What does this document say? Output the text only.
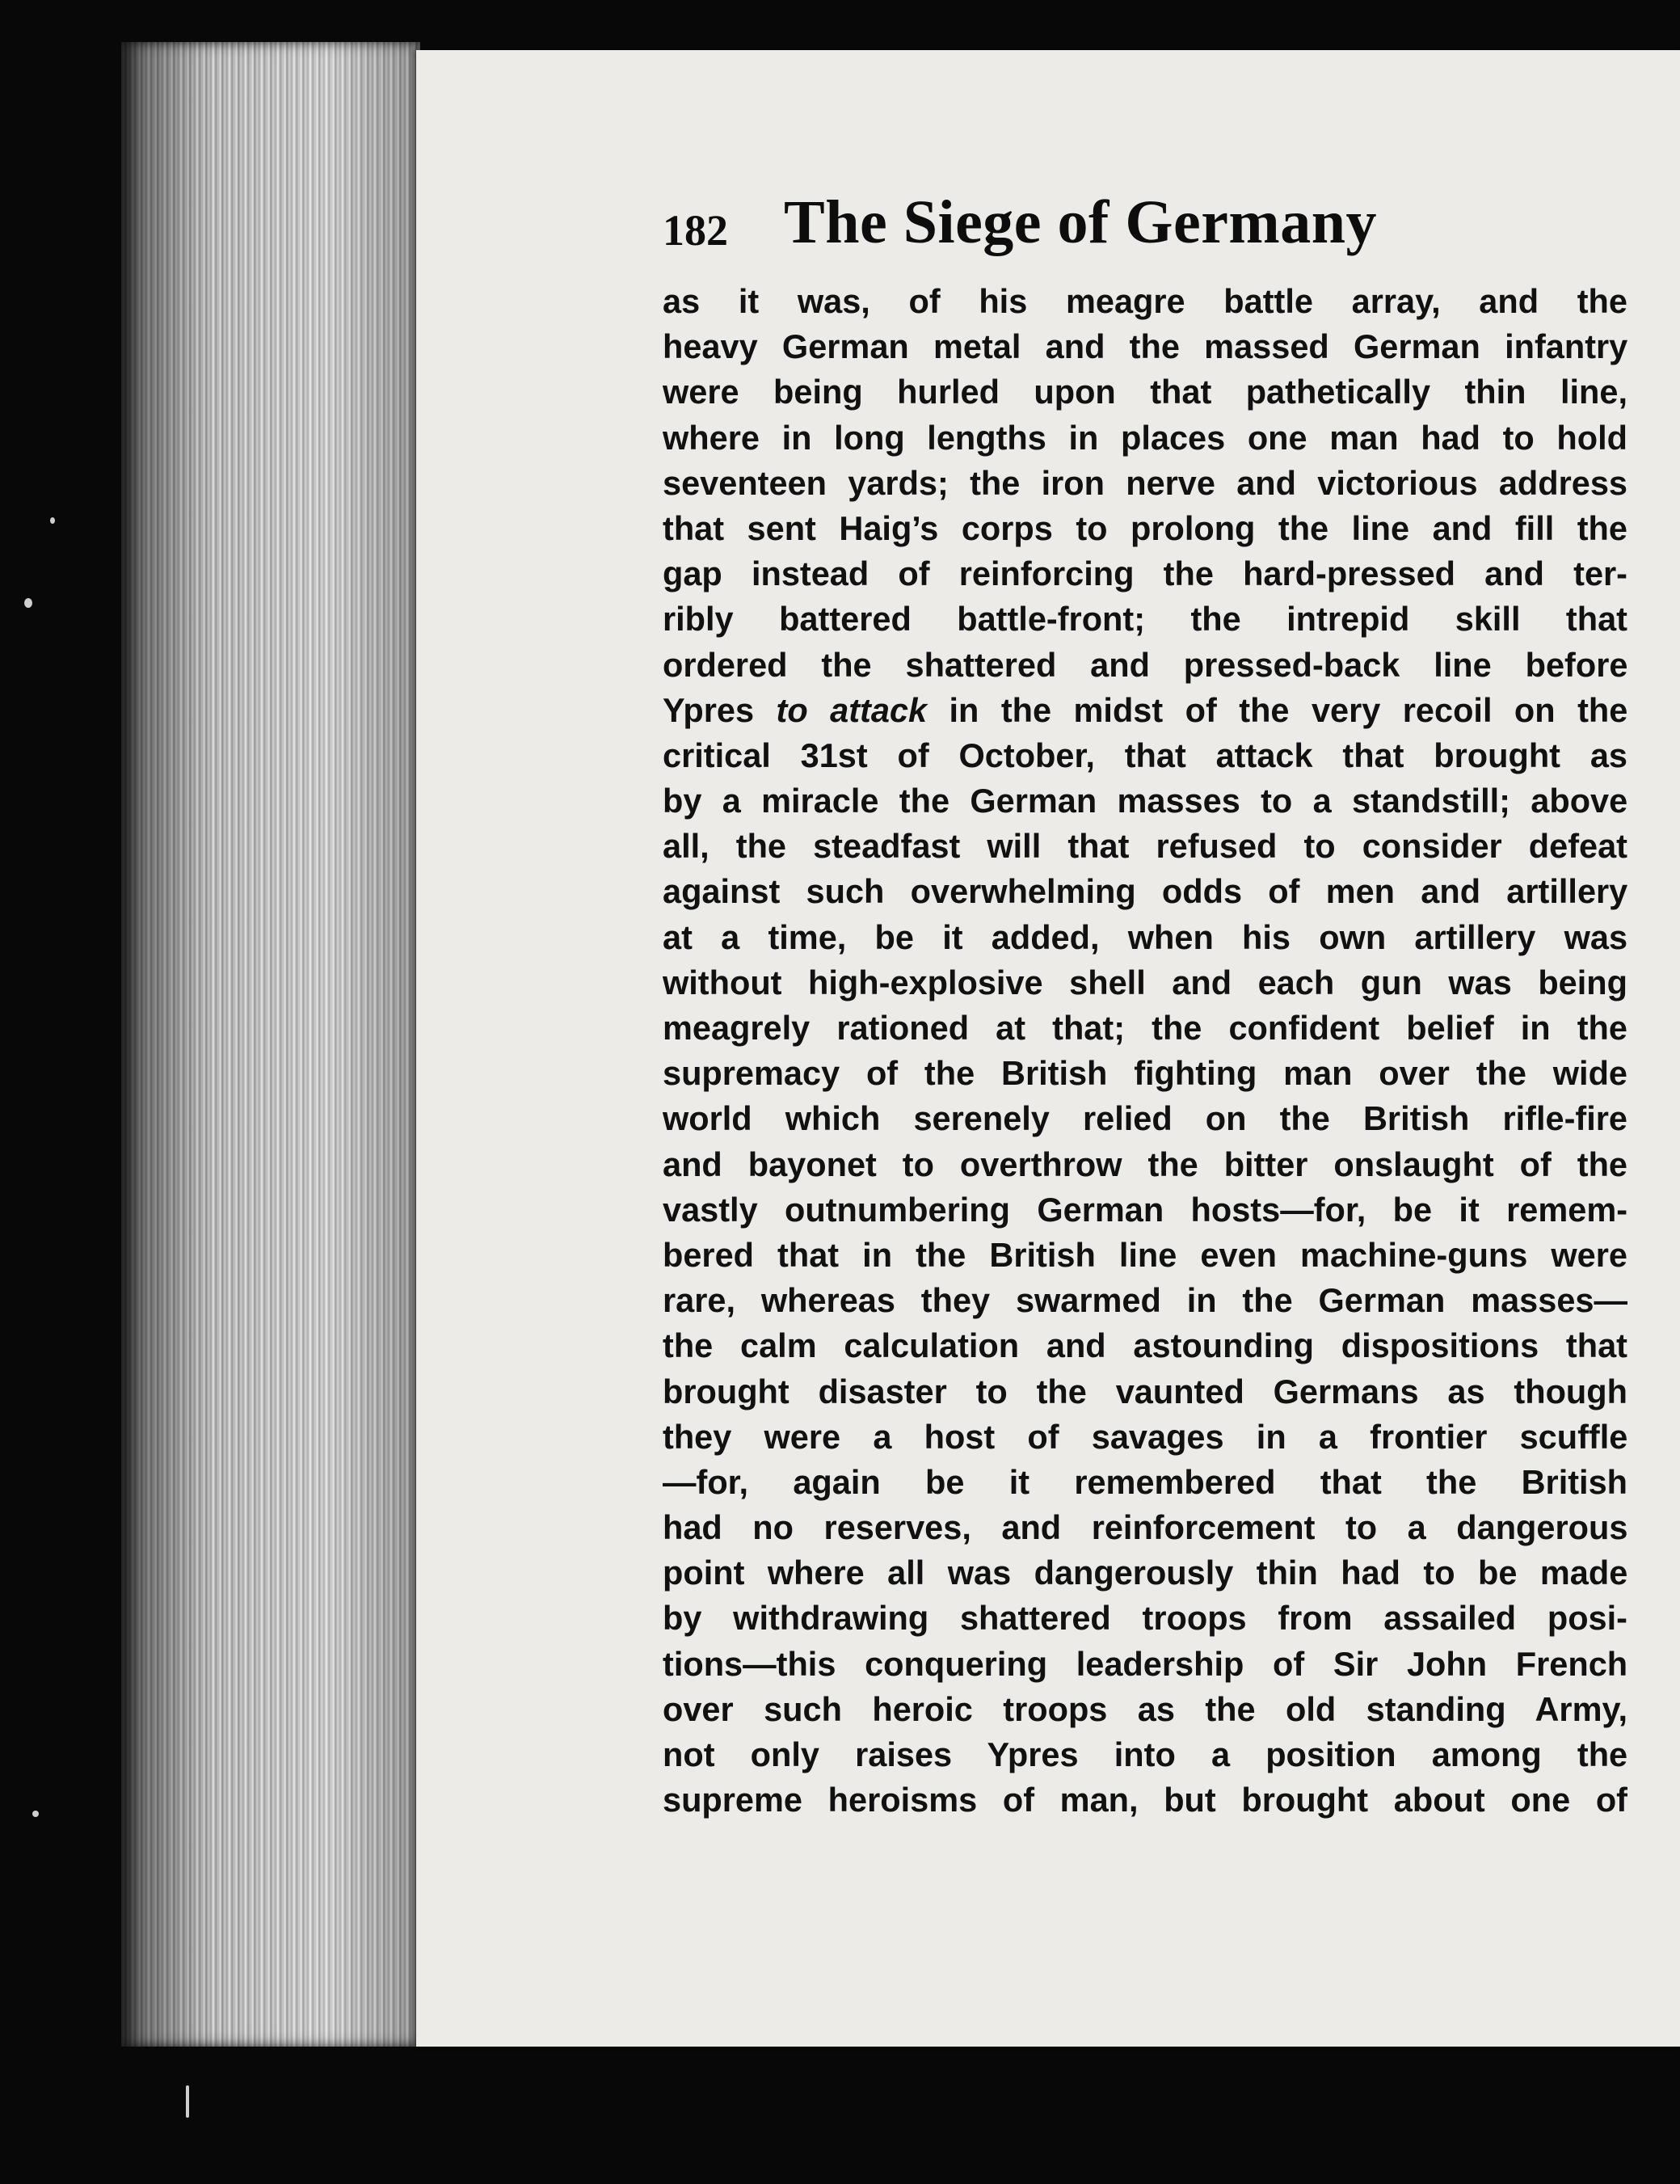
182 The Siege of Germany
as it was, of his meagre battle array, and the
heavy German metal and the massed German infantry
were being hurled upon that pathetically thin line,
where in long lengths in places one man had to hold
seventeen yards; the iron nerve and victorious address
that sent Haig’s corps to prolong the line and fill the
gap instead of reinforcing the hard-pressed and ter-
ribly battered battle-front; the intrepid skill that
ordered the shattered and pressed-back line before
Ypres to attack in the midst of the very recoil on the
critical 31st of October, that attack that brought as
by a miracle the German masses to a standstill; above
all, the steadfast will that refused to consider defeat
against such overwhelming odds of men and artillery
at a time, be it added, when his own artillery was
without high-explosive shell and each gun was being
meagrely rationed at that; the confident belief in the
supremacy of the British fighting man over the wide
world which serenely relied on the British rifle-fire
and bayonet to overthrow the bitter onslaught of the
vastly outnumbering German hosts—for, be it remem-
bered that in the British line even machine-guns were
rare, whereas they swarmed in the German masses—
the calm calculation and astounding dispositions that
brought disaster to the vaunted Germans as though
they were a host of savages in a frontier scuffle
—for, again be it remembered that the British
had no reserves, and reinforcement to a dangerous
point where all was dangerously thin had to be made
by withdrawing shattered troops from assailed posi-
tions—this conquering leadership of Sir John French
over such heroic troops as the old standing Army,
not only raises Ypres into a position among the
supreme heroisms of man, but brought about one of
